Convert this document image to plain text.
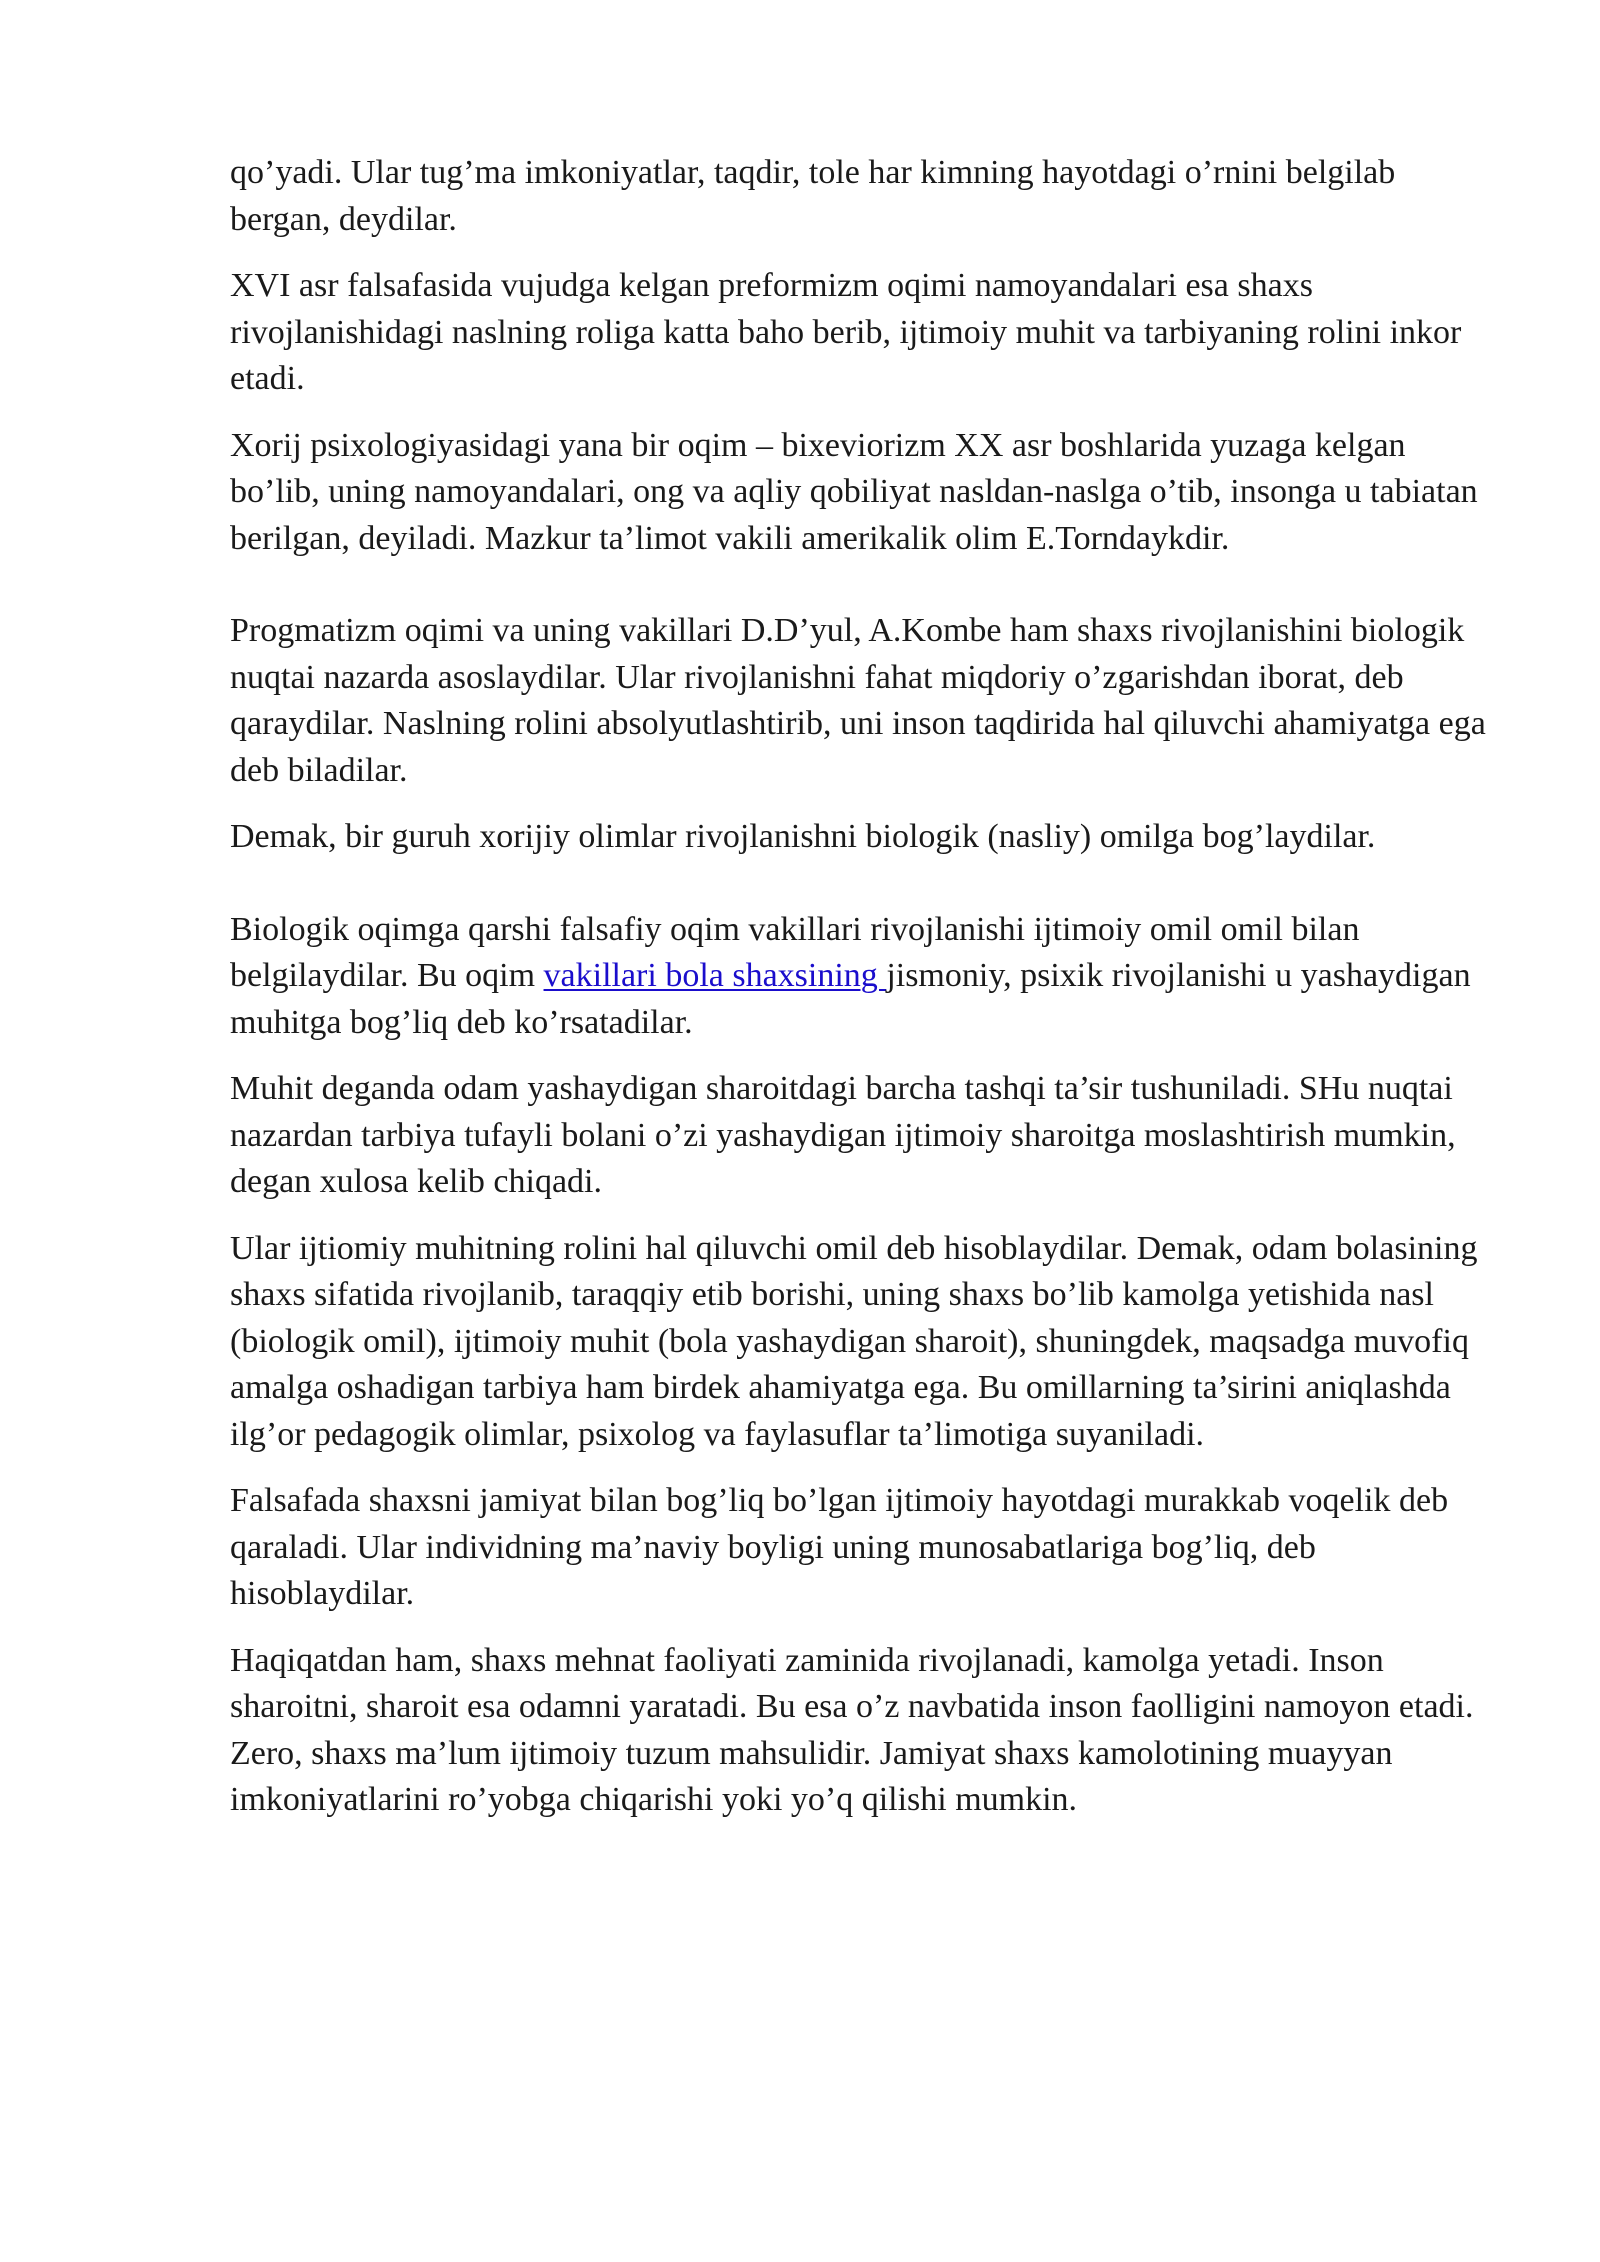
qo’yadi. Ular tug’ma imkoniyatlar, taqdir, tole har kimning hayotdagi o’rnini belgilab bergan, deydilar.

XVI asr falsafasida vujudga kelgan preformizm oqimi namoyandalari esa shaxs rivojlanishidagi naslning roliga katta baho berib, ijtimoiy muhit va tarbiyaning rolini inkor etadi.

Xorij psixologiyasidagi yana bir oqim – bixeviorizm XX asr boshlarida yuzaga kelgan bo’lib, uning namoyandalari, ong va aqliy qobiliyat nasldan-naslga o’tib, insonga u tabiatan berilgan, deyiladi. Mazkur ta’limot vakili amerikalik olim E.Torndaykdir.

Progmatizm oqimi va uning vakillari D.D’yul, A.Kombe ham shaxs rivojlanishini biologik nuqtai nazarda asoslaydilar. Ular rivojlanishni fahat miqdoriy o’zgarishdan iborat, deb qaraydilar. Naslning rolini absolyutlashtirib, uni inson taqdirida hal qiluvchi ahamiyatga ega deb biladilar.

Demak, bir guruh xorijiy olimlar rivojlanishni biologik (nasliy) omilga bog’laydilar.

Biologik oqimga qarshi falsafiy oqim vakillari rivojlanishi ijtimoiy omil omil bilan belgilaydilar. Bu oqim vakillari bola shaxsining jismoniy, psixik rivojlanishi u yashaydigan muhitga bog’liq deb ko’rsatadilar.

Muhit deganda odam yashaydigan sharoitdagi barcha tashqi ta’sir tushuniladi. SHu nuqtai nazardan tarbiya tufayli bolani o’zi yashaydigan ijtimoiy sharoitga moslashtirish mumkin, degan xulosa kelib chiqadi.

Ular ijtiomiy muhitning rolini hal qiluvchi omil deb hisoblaydilar. Demak, odam bolasining shaxs sifatida rivojlanib, taraqqiy etib borishi, uning shaxs bo’lib kamolga yetishida nasl (biologik omil), ijtimoiy muhit (bola yashaydigan sharoit), shuningdek, maqsadga muvofiq amalga oshadigan tarbiya ham birdek ahamiyatga ega. Bu omillarning ta’sirini aniqlashda ilg’or pedagogik olimlar, psixolog va faylasuflar ta’limotiga suyaniladi.

Falsafada shaxsni jamiyat bilan bog’liq bo’lgan ijtimoiy hayotdagi murakkab voqelik deb qaraladi. Ular individning ma’naviy boyligi uning munosabatlariga bog’liq, deb hisoblaydilar.

Haqiqatdan ham, shaxs mehnat faoliyati zaminida rivojlanadi, kamolga yetadi. Inson sharoitni, sharoit esa odamni yaratadi. Bu esa o’z navbatida inson faolligini namoyon etadi. Zero, shaxs ma’lum ijtimoiy tuzum mahsulidir. Jamiyat shaxs kamolotining muayyan imkoniyatlarini ro’yobga chiqarishi yoki yo’q qilishi mumkin.
